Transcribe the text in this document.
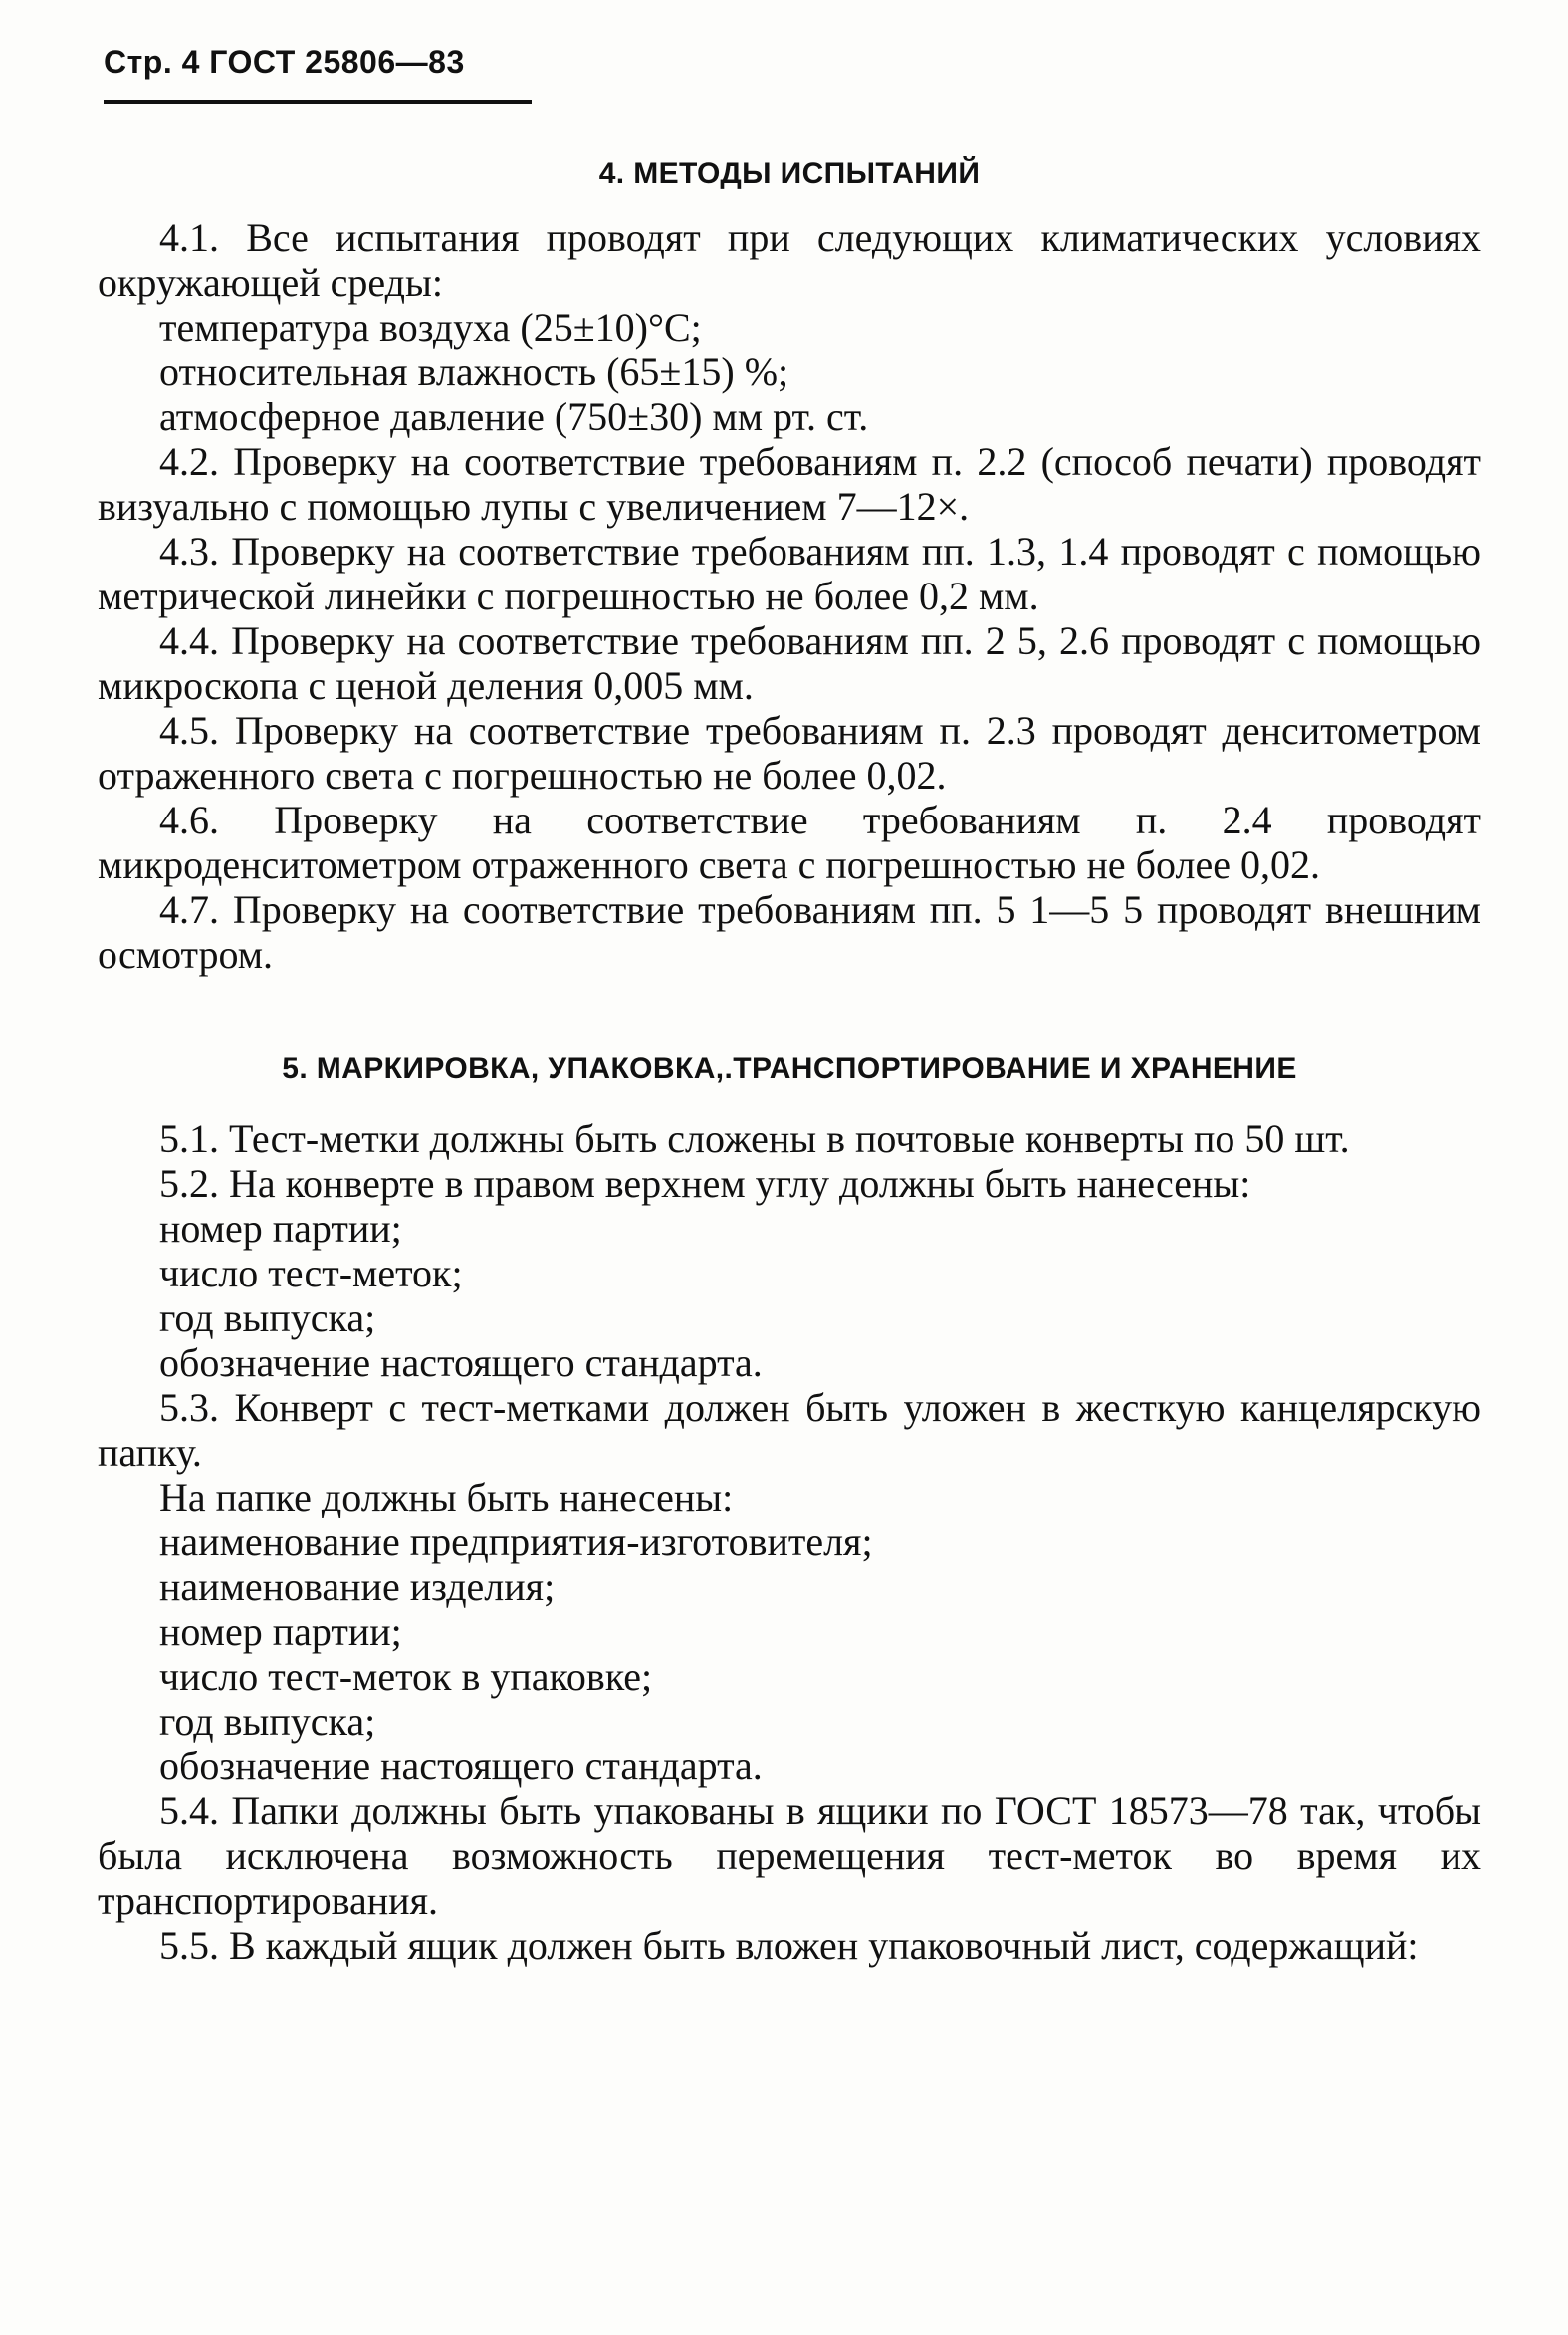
Стр. 4 ГОСТ 25806—83
4. МЕТОДЫ ИСПЫТАНИЙ

4.1. Все испытания проводят при следующих климатических условиях окружающей среды:

температура воздуха (25±10)°С;

относительная влажность (65±15) %;

атмосферное давление (750±30) мм рт. ст.

4.2. Проверку на соответствие требованиям п. 2.2 (способ печати) проводят визуально с помощью лупы с увеличением 7—12×.

4.3. Проверку на соответствие требованиям пп. 1.3, 1.4 проводят с помощью метрической линейки с погрешностью не более 0,2 мм.

4.4. Проверку на соответствие требованиям пп. 2 5, 2.6 проводят с помощью микроскопа с ценой деления 0,005 мм.

4.5. Проверку на соответствие требованиям п. 2.3 проводят денситометром отраженного света с погрешностью не более 0,02.

4.6. Проверку на соответствие требованиям п. 2.4 проводят микроденситометром отраженного света с погрешностью не более 0,02.

4.7. Проверку на соответствие требованиям пп. 5 1—5 5 проводят внешним осмотром.

5. МАРКИРОВКА, УПАКОВКА,.ТРАНСПОРТИРОВАНИЕ И ХРАНЕНИЕ

5.1. Тест-метки должны быть сложены в почтовые конверты по 50 шт.

5.2. На конверте в правом верхнем углу должны быть нанесены:

номер партии;

число тест-меток;

год выпуска;

обозначение настоящего стандарта.

5.3. Конверт с тест-метками должен быть уложен в жесткую канцелярскую папку.

На папке должны быть нанесены:

наименование предприятия-изготовителя;

наименование изделия;

номер партии;

число тест-меток в упаковке;

год выпуска;

обозначение настоящего стандарта.

5.4. Папки должны быть упакованы в ящики по ГОСТ 18573—78 так, чтобы была исключена возможность перемещения тест-меток во время их транспортирования.

5.5. В каждый ящик должен быть вложен упаковочный лист, содержащий:
